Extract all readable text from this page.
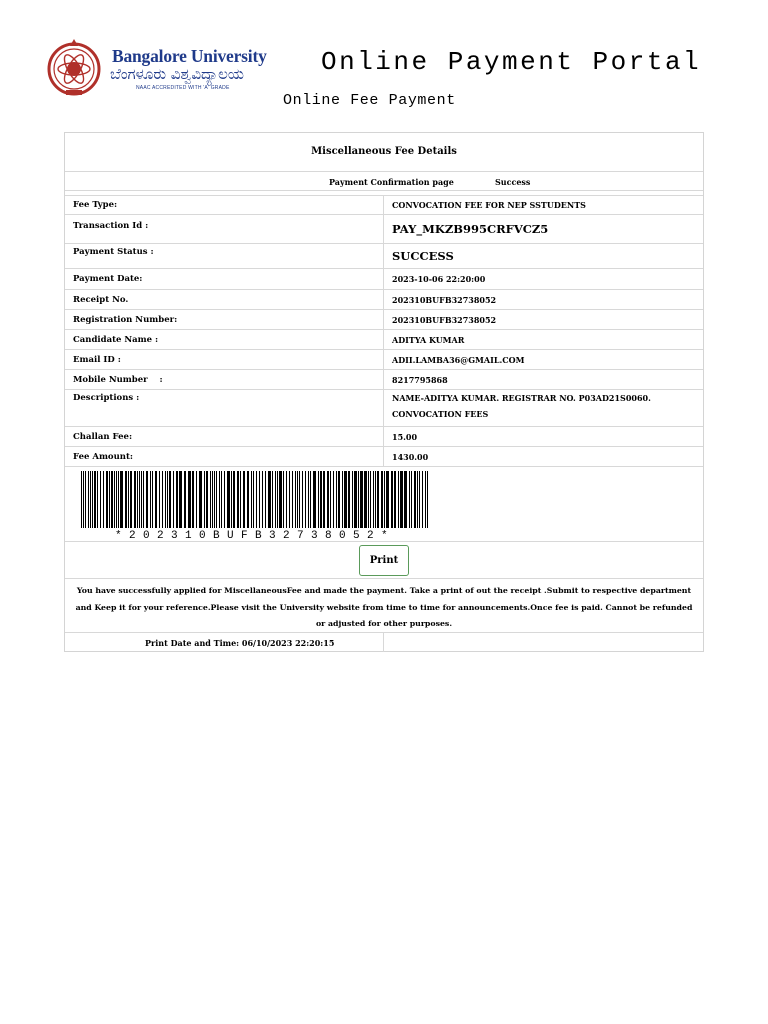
Bangalore University
ಬೆಂಗಳೂರು ವಿಶ್ವವಿದ್ಯಾಲಯ
NAAC ACCREDITED WITH 'A' GRADE
Online Payment Portal
Online Fee Payment
Miscellaneous Fee Details
Payment Confirmation page	Success
Fee Type:	CONVOCATION FEE FOR NEP SSTUDENTS
Transaction Id :	PAY_MKZB995CRFVCZ5
Payment Status :	SUCCESS
Payment Date:	2023-10-06 22:20:00
Receipt No.	202310BUFB32738052
Registration Number:	202310BUFB32738052
Candidate Name :	ADITYA KUMAR
Email ID :	ADII.LAMBA36@GMAIL.COM
Mobile Number    :	8217795868
Descriptions :	NAME-ADITYA KUMAR. REGISTRAR NO. P03AD21S0060. CONVOCATION FEES
Challan Fee:	15.00
Fee Amount:	1430.00
*202310BUFB32738052*
Print
You have successfully applied for MiscellaneousFee and made the payment. Take a print of out the receipt .Submit to respective department and Keep it for your reference.Please visit the University website from time to time for announcements.Once fee is paid. Cannot be refunded or adjusted for other purposes.
Print Date and Time: 06/10/2023 22:20:15
